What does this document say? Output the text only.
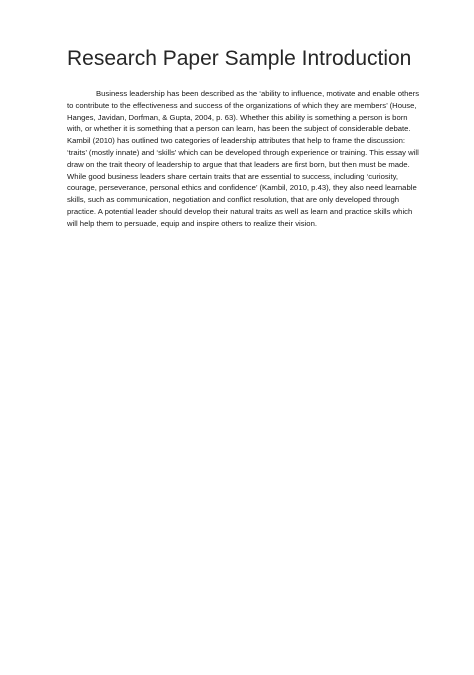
Research Paper Sample Introduction
Business leadership has been described as the ‘ability to influence, motivate and enable others
to contribute to the effectiveness and success of the organizations of which they are members’ (House,
Hanges, Javidan, Dorfman, & Gupta, 2004, p. 63). Whether this ability is something a person is born
with, or whether it is something that a person can learn, has been the subject of considerable debate.
Kambil (2010) has outlined two categories of leadership attributes that help to frame the discussion:
‘traits’ (mostly innate) and ‘skills’ which can be developed through experience or training. This essay will
draw on the trait theory of leadership to argue that that leaders are first born, but then must be made.
While good business leaders share certain traits that are essential to success, including ‘curiosity,
courage, perseverance, personal ethics and confidence’ (Kambil, 2010, p.43), they also need learnable
skills, such as communication, negotiation and conflict resolution, that are only developed through
practice. A potential leader should develop their natural traits as well as learn and practice skills which
will help them to persuade, equip and inspire others to realize their vision.
